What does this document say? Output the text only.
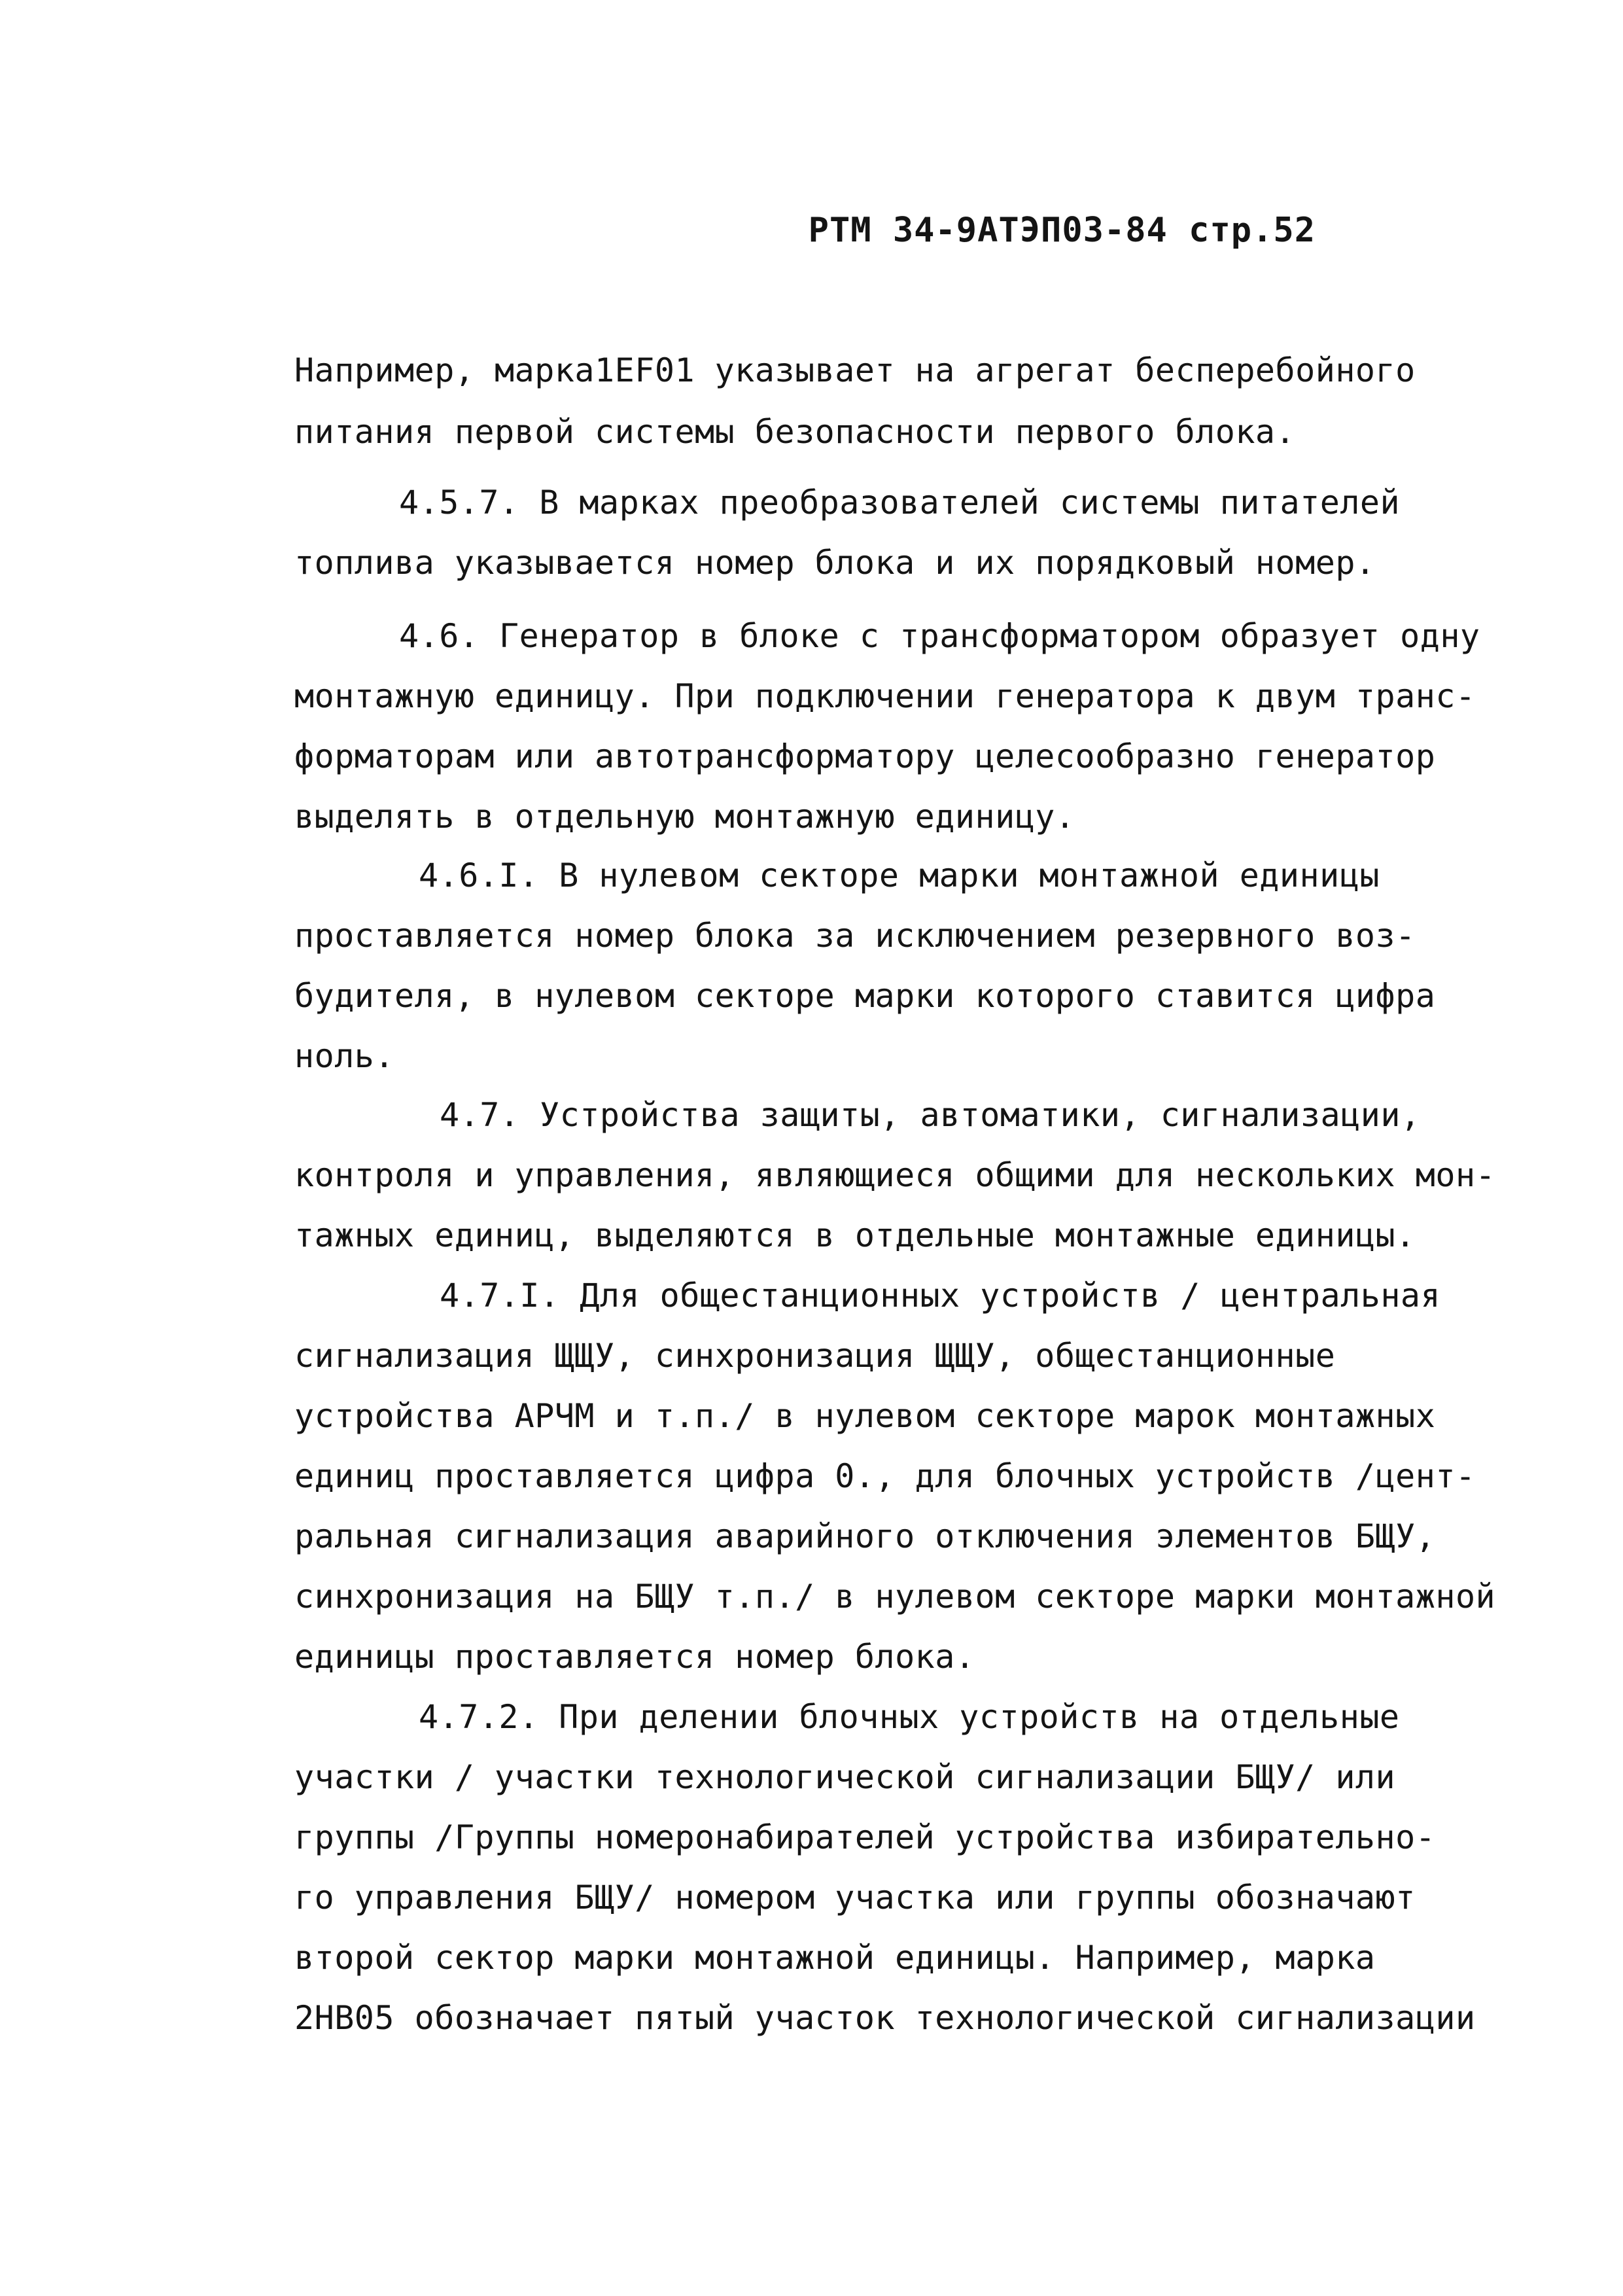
РТМ 34-9АТЭП03-84 стр.52
Например, марка1EF01 указывает на агрегат бесперебойного
питания первой системы безопасности первого блока.
4.5.7. В марках преобразователей системы питателей
топлива указывается номер блока и их порядковый номер.
4.6. Генератор в блоке с трансформатором образует одну
монтажную единицу. При подключении генератора к двум транс-
форматорам или автотрансформатору целесообразно генератор
выделять в отдельную монтажную единицу.
4.6.I. В нулевом секторе марки монтажной единицы
проставляется номер блока за исключением резервного воз-
будителя, в нулевом секторе марки которого ставится цифра
ноль.
4.7. Устройства защиты, автоматики, сигнализации,
контроля и управления, являющиеся общими для нескольких мон-
тажных единиц, выделяются в отдельные монтажные единицы.
4.7.I. Для общестанционных устройств / центральная
сигнализация ЩЩУ, синхронизация ЩЩУ, общестанционные
устройства АРЧМ и т.п./ в нулевом секторе марок монтажных
единиц проставляется цифра 0., для блочных устройств /цент-
ральная сигнализация аварийного отключения элементов БЩУ,
синхронизация на БЩУ т.п./ в нулевом секторе марки монтажной
единицы проставляется номер блока.
4.7.2. При делении блочных устройств на отдельные
участки / участки технологической сигнализации БЩУ/ или
группы /Группы номеронабирателей устройства избирательно-
го управления БЩУ/ номером участка или группы обозначают
второй сектор марки монтажной единицы. Например, марка
2HB05 обозначает пятый участок технологической сигнализации
